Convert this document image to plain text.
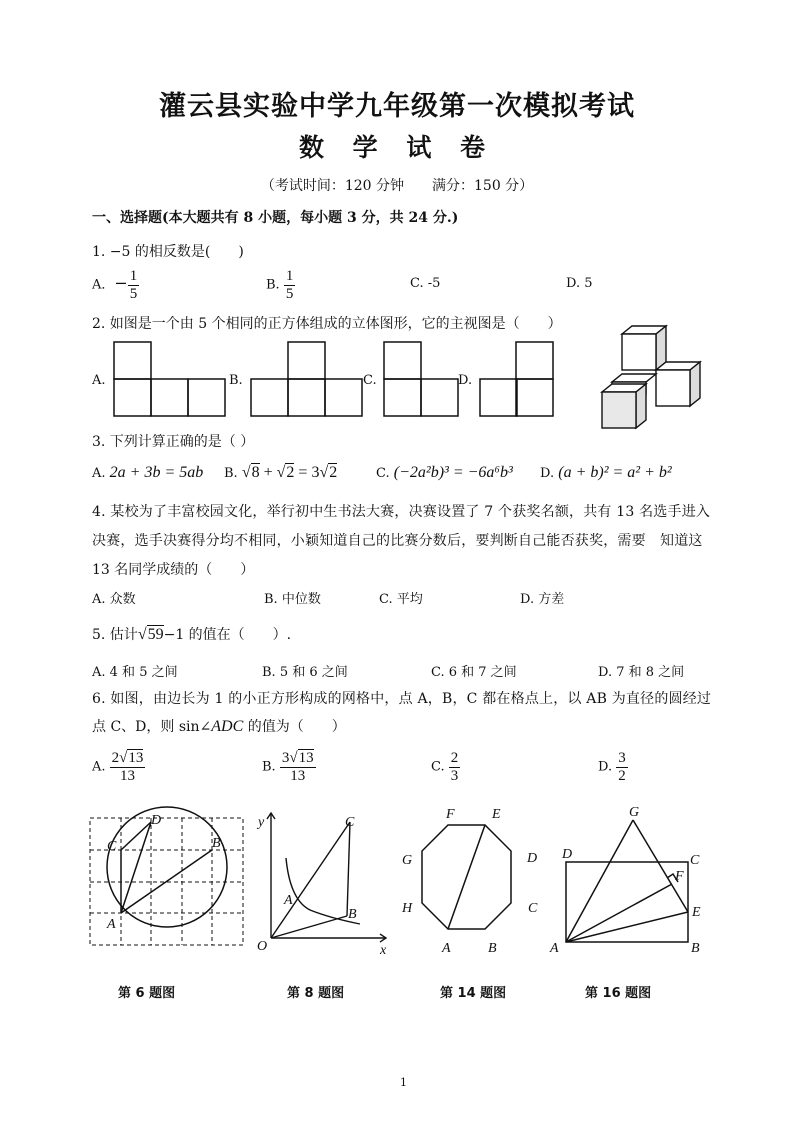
灌云县实验中学九年级第一次模拟考试
数 学 试 卷
（考试时间：120 分钟　　满分：150 分）
一、选择题(本大题共有 8 小题，每小题 3 分，共 24 分.)
1. −5 的相反数是(　　)
A．− $\frac{1}{5}$	B. $\frac{1}{5}$	C. -5	D. 5
2. 如图是一个由 5 个相同的正方体组成的立体图形，它的主视图是（　　）
A.	B.	C.	D.
3. 下列计算正确的是（ ）
A. 2a + 3b = 5ab B. √8 + √2 = 3√2	C. (−2a²b)³ = −6a⁶b³ D. (a + b)² = a² + b²
4. 某校为了丰富校园文化，举行初中生书法大赛，决赛设置了 7 个获奖名额，共有 13 名选手进入
决赛，选手决赛得分均不相同，小颖知道自己的比赛分数后，要判断自己能否获奖，需要　知道这
13 名同学成绩的（　　）
A. 众数	B. 中位数	C. 平均	D. 方差
5. 估计√59−1 的值在（　　）.
A. 4 和 5 之间	B. 5 和 6 之间	C. 6 和 7 之间	D. 7 和 8 之间
6. 如图，由边长为 1 的小正方形构成的网格中，点 A，B，C 都在格点上，以 AB 为直径的圆经过
点 C、D，则 sin∠ADC 的值为（　　）
A. $\frac{2√13}{13}$	B. $\frac{3√13}{13}$	C. $\frac{2}{3}$	D. $\frac{3}{2}$
C
D
B
A
y	C
A
B
O	x
F	E
G	D
H	C
A	B
G
D	C
F
E
A	B
第 6 题图	第 8 题图	第 14 题图	第 16 题图
1
